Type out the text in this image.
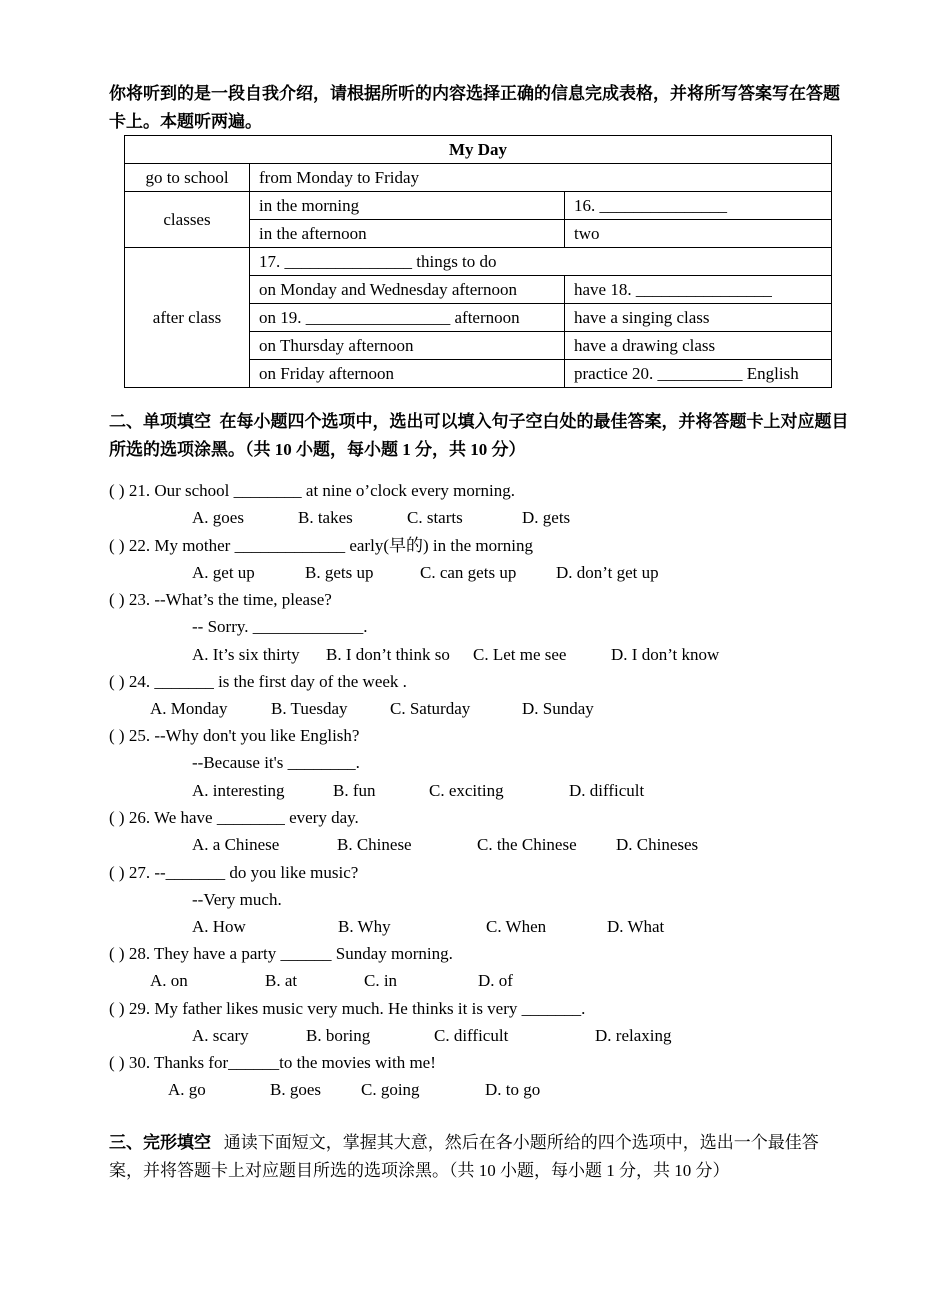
你将听到的是一段自我介绍，请根据所听的内容选择正确的信息完成表格，并将所写答案写在答题卡上。本题听两遍。
My Day		
go to school	from Monday to Friday	
classes	in the morning	16. _______________
	in the afternoon	two
after class	17. _______________ things to do	
	on Monday and Wednesday afternoon	have 18. ________________
	on 19. _________________ afternoon	have a singing class
	on Thursday afternoon	have a drawing class
	on Friday afternoon	practice 20. __________ English
二、单项填空 在每小题四个选项中，选出可以填入句子空白处的最佳答案，并将答题卡上对应题目所选的选项涂黑。（共 10 小题，每小题 1 分，共 10 分）
( ) 21. Our school ________ at nine o’clock every morning.
A. goes	B. takes	C. starts	D. gets
( ) 22. My mother _____________ early(早的) in the morning
A. get up	B. gets up	C. can gets up D. don’t get up
( ) 23. --What’s the time, please?
-- Sorry. _____________.
A. It’s six thirty B. I don’t think so C. Let me see	D. I don’t know
( ) 24. _______ is the first day of the week .
A. Monday	B. Tuesday C. Saturday	D. Sunday
( ) 25. --Why don't you like English?
--Because it's ________.
A. interesting	B. fun	C. exciting	D. difficult
( ) 26. We have ________ every day.
A. a Chinese	B. Chinese	C. the Chinese D. Chineses
( ) 27. --_______ do you like music?
--Very much.
A. How	B. Why	C. When	D. What
( ) 28. They have a party ______ Sunday morning.
A. on	B. at	C. in	D. of
( ) 29. My father likes music very much. He thinks it is very _______.
A. scary	B. boring	C. difficult	D. relaxing
( ) 30. Thanks for______to the movies with me!
A. go	B. goes C. going	D. to go
三、完形填空 通读下面短文，掌握其大意，然后在各小题所给的四个选项中，选出一个最佳答案，并将答题卡上对应题目所选的选项涂黑。（共 10 小题，每小题 1 分，共 10 分）
